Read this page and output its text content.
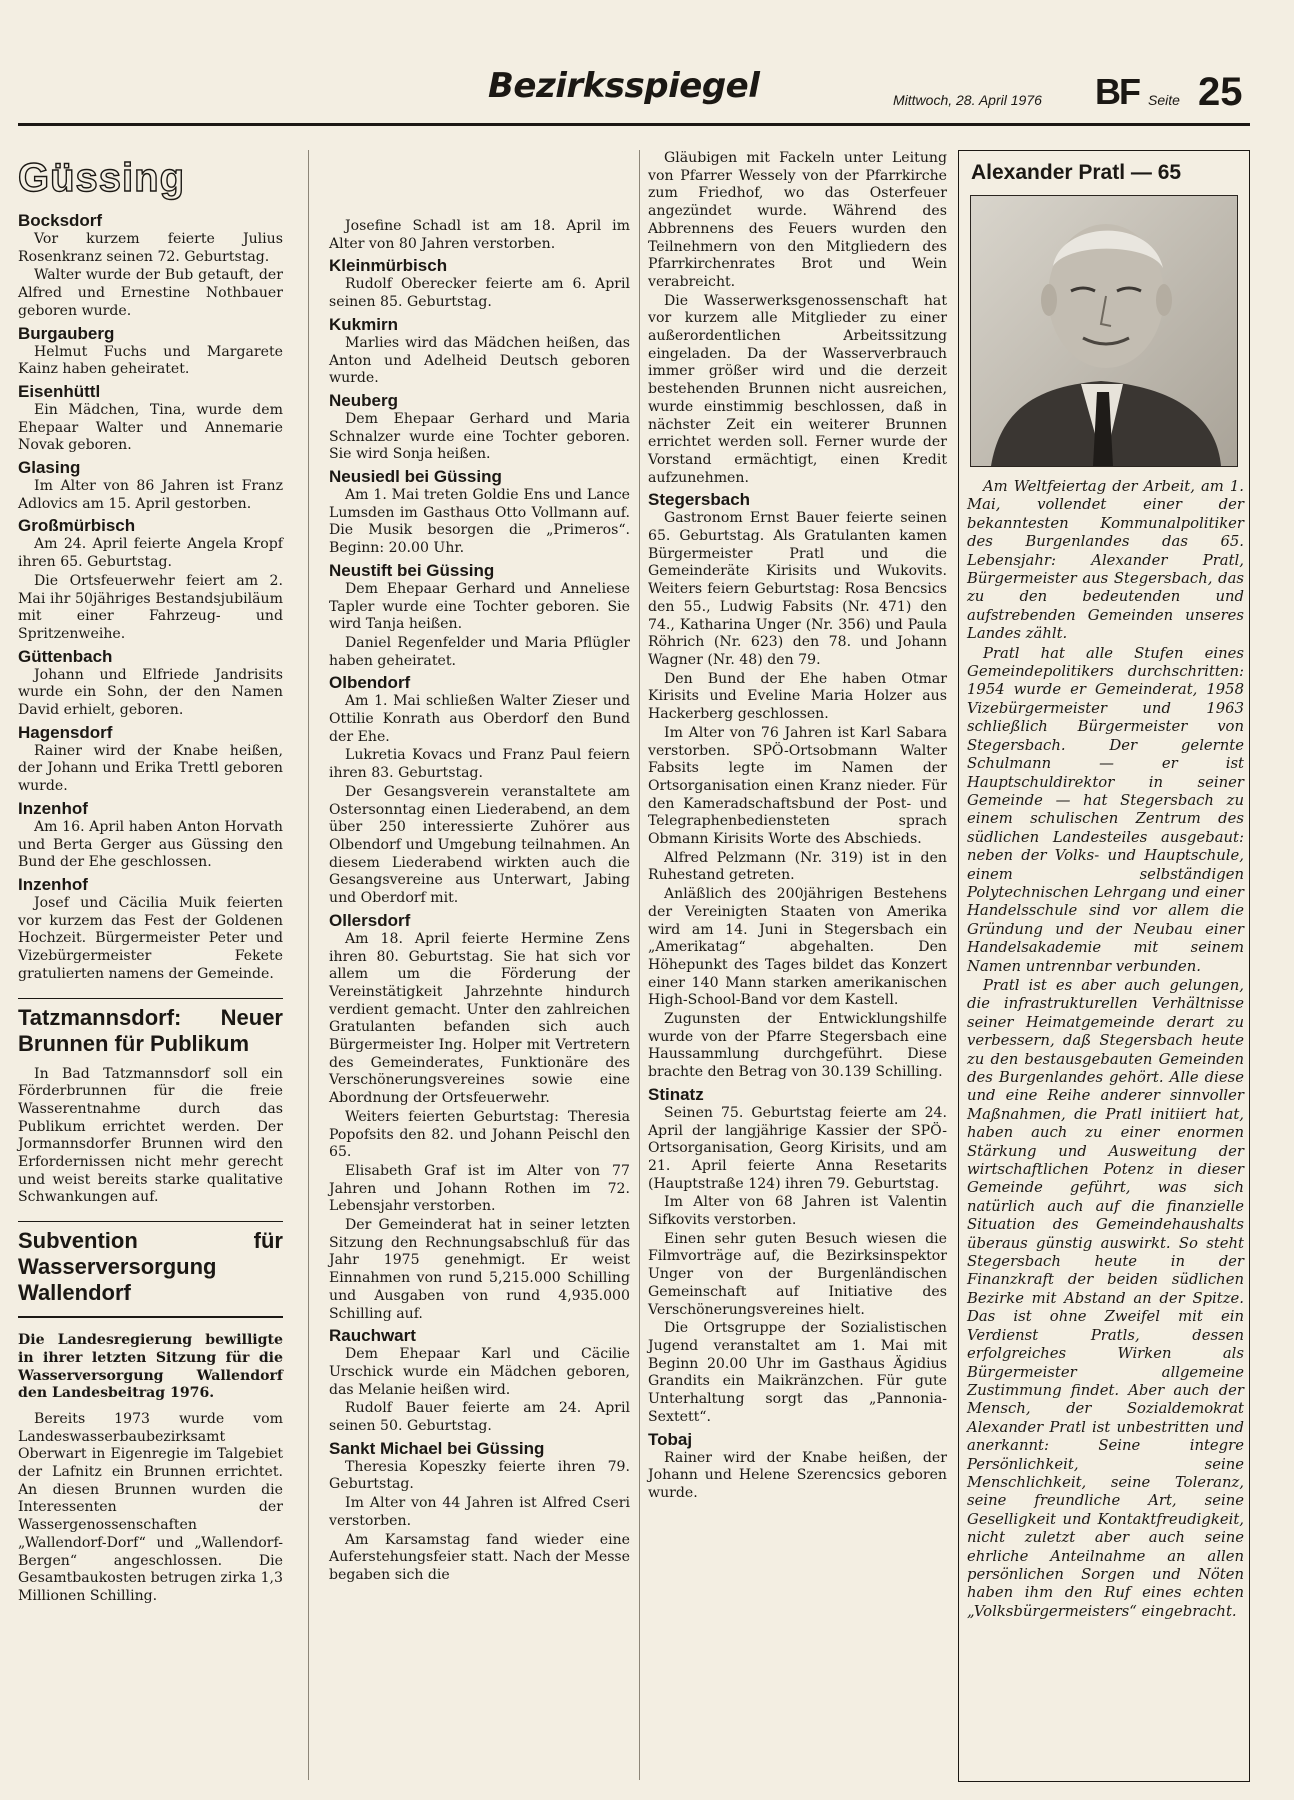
Bezirksspiegel	Mittwoch, 28. April 1976 BF Seite 25
Güssing
Bocksdorf

Vor kurzem feierte Julius Rosenkranz seinen 72. Geburtstag.

Walter wurde der Bub getauft, der Alfred und Ernestine Nothbauer geboren wurde.

Burgauberg

Helmut Fuchs und Margarete Kainz haben geheiratet.

Eisenhüttl

Ein Mädchen, Tina, wurde dem Ehepaar Walter und Annemarie Novak geboren.

Glasing

Im Alter von 86 Jahren ist Franz Adlovics am 15. April gestorben.

Großmürbisch

Am 24. April feierte Angela Kropf ihren 65. Geburtstag.

Die Ortsfeuerwehr feiert am 2. Mai ihr 50jähriges Bestandsjubiläum mit einer Fahrzeug- und Spritzenweihe.

Güttenbach

Johann und Elfriede Jandrisits wurde ein Sohn, der den Namen David erhielt, geboren.

Hagensdorf

Rainer wird der Knabe heißen, der Johann und Erika Trettl geboren wurde.

Inzenhof

Am 16. April haben Anton Horvath und Berta Gerger aus Güssing den Bund der Ehe geschlossen.

Inzenhof

Josef und Cäcilia Muik feierten vor kurzem das Fest der Goldenen Hochzeit. Bürgermeister Peter und Vizebürgermeister Fekete gratulierten namens der Gemeinde.

Tatzmannsdorf: Neuer Brunnen für Publikum

In Bad Tatzmannsdorf soll ein Förderbrunnen für die freie Wasserentnahme durch das Publikum errichtet werden. Der Jormannsdorfer Brunnen wird den Erfordernissen nicht mehr gerecht und weist bereits starke qualitative Schwankungen auf.

Subvention für Wasserversorgung Wallendorf

Die Landesregierung bewilligte in ihrer letzten Sitzung für die Wasserversorgung Wallendorf den Landesbeitrag 1976.

Bereits 1973 wurde vom Landeswasserbaubezirksamt Oberwart in Eigenregie im Talgebiet der Lafnitz ein Brunnen errichtet. An diesen Brunnen wurden die Interessenten der Wassergenossenschaften „Wallendorf-Dorf“ und „Wallendorf-Bergen“ angeschlossen. Die Gesamtbaukosten betrugen zirka 1,3 Millionen Schilling.

Josefine Schadl ist am 18. April im Alter von 80 Jahren verstorben.

Kleinmürbisch

Rudolf Oberecker feierte am 6. April seinen 85. Geburtstag.

Kukmirn

Marlies wird das Mädchen heißen, das Anton und Adelheid Deutsch geboren wurde.

Neuberg

Dem Ehepaar Gerhard und Maria Schnalzer wurde eine Tochter geboren. Sie wird Sonja heißen.

Neusiedl bei Güssing

Am 1. Mai treten Goldie Ens und Lance Lumsden im Gasthaus Otto Vollmann auf. Die Musik besorgen die „Primeros“. Beginn: 20.00 Uhr.

Neustift bei Güssing

Dem Ehepaar Gerhard und Anneliese Tapler wurde eine Tochter geboren. Sie wird Tanja heißen.

Daniel Regenfelder und Maria Pflügler haben geheiratet.

Olbendorf

Am 1. Mai schließen Walter Zieser und Ottilie Konrath aus Oberdorf den Bund der Ehe.

Lukretia Kovacs und Franz Paul feiern ihren 83. Geburtstag.

Der Gesangsverein veranstaltete am Ostersonntag einen Liederabend, an dem über 250 interessierte Zuhörer aus Olbendorf und Umgebung teilnahmen. An diesem Liederabend wirkten auch die Gesangsvereine aus Unterwart, Jabing und Oberdorf mit.

Ollersdorf

Am 18. April feierte Hermine Zens ihren 80. Geburtstag. Sie hat sich vor allem um die Förderung der Vereinstätigkeit Jahrzehnte hindurch verdient gemacht. Unter den zahlreichen Gratulanten befanden sich auch Bürgermeister Ing. Holper mit Vertretern des Gemeinderates, Funktionäre des Verschönerungsvereines sowie eine Abordnung der Ortsfeuerwehr.

Weiters feierten Geburtstag: Theresia Popofsits den 82. und Johann Peischl den 65.

Elisabeth Graf ist im Alter von 77 Jahren und Johann Rothen im 72. Lebensjahr verstorben.

Der Gemeinderat hat in seiner letzten Sitzung den Rechnungsabschluß für das Jahr 1975 genehmigt. Er weist Einnahmen von rund 5,215.000 Schilling und Ausgaben von rund 4,935.000 Schilling auf.

Rauchwart

Dem Ehepaar Karl und Cäcilie Urschick wurde ein Mädchen geboren, das Melanie heißen wird.

Rudolf Bauer feierte am 24. April seinen 50. Geburtstag.

Sankt Michael bei Güssing

Theresia Kopeszky feierte ihren 79. Geburtstag.

Im Alter von 44 Jahren ist Alfred Cseri verstorben.

Am Karsamstag fand wieder eine Auferstehungsfeier statt. Nach der Messe begaben sich die

Gläubigen mit Fackeln unter Leitung von Pfarrer Wessely von der Pfarrkirche zum Friedhof, wo das Osterfeuer angezündet wurde. Während des Abbrennens des Feuers wurden den Teilnehmern von den Mitgliedern des Pfarrkirchenrates Brot und Wein verabreicht.

Die Wasserwerksgenossenschaft hat vor kurzem alle Mitglieder zu einer außerordentlichen Arbeitssitzung eingeladen. Da der Wasserverbrauch immer größer wird und die derzeit bestehenden Brunnen nicht ausreichen, wurde einstimmig beschlossen, daß in nächster Zeit ein weiterer Brunnen errichtet werden soll. Ferner wurde der Vorstand ermächtigt, einen Kredit aufzunehmen.

Stegersbach

Gastronom Ernst Bauer feierte seinen 65. Geburtstag. Als Gratulanten kamen Bürgermeister Pratl und die Gemeinderäte Kirisits und Wukovits. Weiters feiern Geburtstag: Rosa Bencsics den 55., Ludwig Fabsits (Nr. 471) den 74., Katharina Unger (Nr. 356) und Paula Röhrich (Nr. 623) den 78. und Johann Wagner (Nr. 48) den 79.

Den Bund der Ehe haben Otmar Kirisits und Eveline Maria Holzer aus Hackerberg geschlossen.

Im Alter von 76 Jahren ist Karl Sabara verstorben. SPÖ-Ortsobmann Walter Fabsits legte im Namen der Ortsorganisation einen Kranz nieder. Für den Kameradschaftsbund der Post- und Telegraphenbediensteten sprach Obmann Kirisits Worte des Abschieds.

Alfred Pelzmann (Nr. 319) ist in den Ruhestand getreten.

Anläßlich des 200jährigen Bestehens der Vereinigten Staaten von Amerika wird am 14. Juni in Stegersbach ein „Amerikatag“ abgehalten. Den Höhepunkt des Tages bildet das Konzert einer 140 Mann starken amerikanischen High-School-Band vor dem Kastell.

Zugunsten der Entwicklungshilfe wurde von der Pfarre Stegersbach eine Haussammlung durchgeführt. Diese brachte den Betrag von 30.139 Schilling.

Stinatz

Seinen 75. Geburtstag feierte am 24. April der langjährige Kassier der SPÖ-Ortsorganisation, Georg Kirisits, und am 21. April feierte Anna Resetarits (Hauptstraße 124) ihren 79. Geburtstag.

Im Alter von 68 Jahren ist Valentin Sifkovits verstorben.

Einen sehr guten Besuch wiesen die Filmvorträge auf, die Bezirksinspektor Unger von der Burgenländischen Gemeinschaft auf Initiative des Verschönerungsvereines hielt.

Die Ortsgruppe der Sozialistischen Jugend veranstaltet am 1. Mai mit Beginn 20.00 Uhr im Gasthaus Ägidius Grandits ein Maikränzchen. Für gute Unterhaltung sorgt das „Pannonia-Sextett“.

Tobaj

Rainer wird der Knabe heißen, der Johann und Helene Szerencsics geboren wurde.

Alexander Pratl — 65

Am Weltfeiertag der Arbeit, am 1. Mai, vollendet einer der bekanntesten Kommunalpolitiker des Burgenlandes das 65. Lebensjahr: Alexander Pratl, Bürgermeister aus Stegersbach, das zu den bedeutenden und aufstrebenden Gemeinden unseres Landes zählt.

Pratl hat alle Stufen eines Gemeindepolitikers durchschritten: 1954 wurde er Gemeinderat, 1958 Vizebürgermeister und 1963 schließlich Bürgermeister von Stegersbach. Der gelernte Schulmann — er ist Hauptschuldirektor in seiner Gemeinde — hat Stegersbach zu einem schulischen Zentrum des südlichen Landesteiles ausgebaut: neben der Volks- und Hauptschule, einem selbständigen Polytechnischen Lehrgang und einer Handelsschule sind vor allem die Gründung und der Neubau einer Handelsakademie mit seinem Namen untrennbar verbunden.

Pratl ist es aber auch gelungen, die infrastrukturellen Verhältnisse seiner Heimatgemeinde derart zu verbessern, daß Stegersbach heute zu den bestausgebauten Gemeinden des Burgenlandes gehört. Alle diese und eine Reihe anderer sinnvoller Maßnahmen, die Pratl initiiert hat, haben auch zu einer enormen Stärkung und Ausweitung der wirtschaftlichen Potenz in dieser Gemeinde geführt, was sich natürlich auch auf die finanzielle Situation des Gemeindehaushalts überaus günstig auswirkt. So steht Stegersbach heute in der Finanzkraft der beiden südlichen Bezirke mit Abstand an der Spitze. Das ist ohne Zweifel mit ein Verdienst Pratls, dessen erfolgreiches Wirken als Bürgermeister allgemeine Zustimmung findet. Aber auch der Mensch, der Sozialdemokrat Alexander Pratl ist unbestritten und anerkannt: Seine integre Persönlichkeit, seine Menschlichkeit, seine Toleranz, seine freundliche Art, seine Geselligkeit und Kontaktfreudigkeit, nicht zuletzt aber auch seine ehrliche Anteilnahme an allen persönlichen Sorgen und Nöten haben ihm den Ruf eines echten „Volksbürgermeisters“ eingebracht.
